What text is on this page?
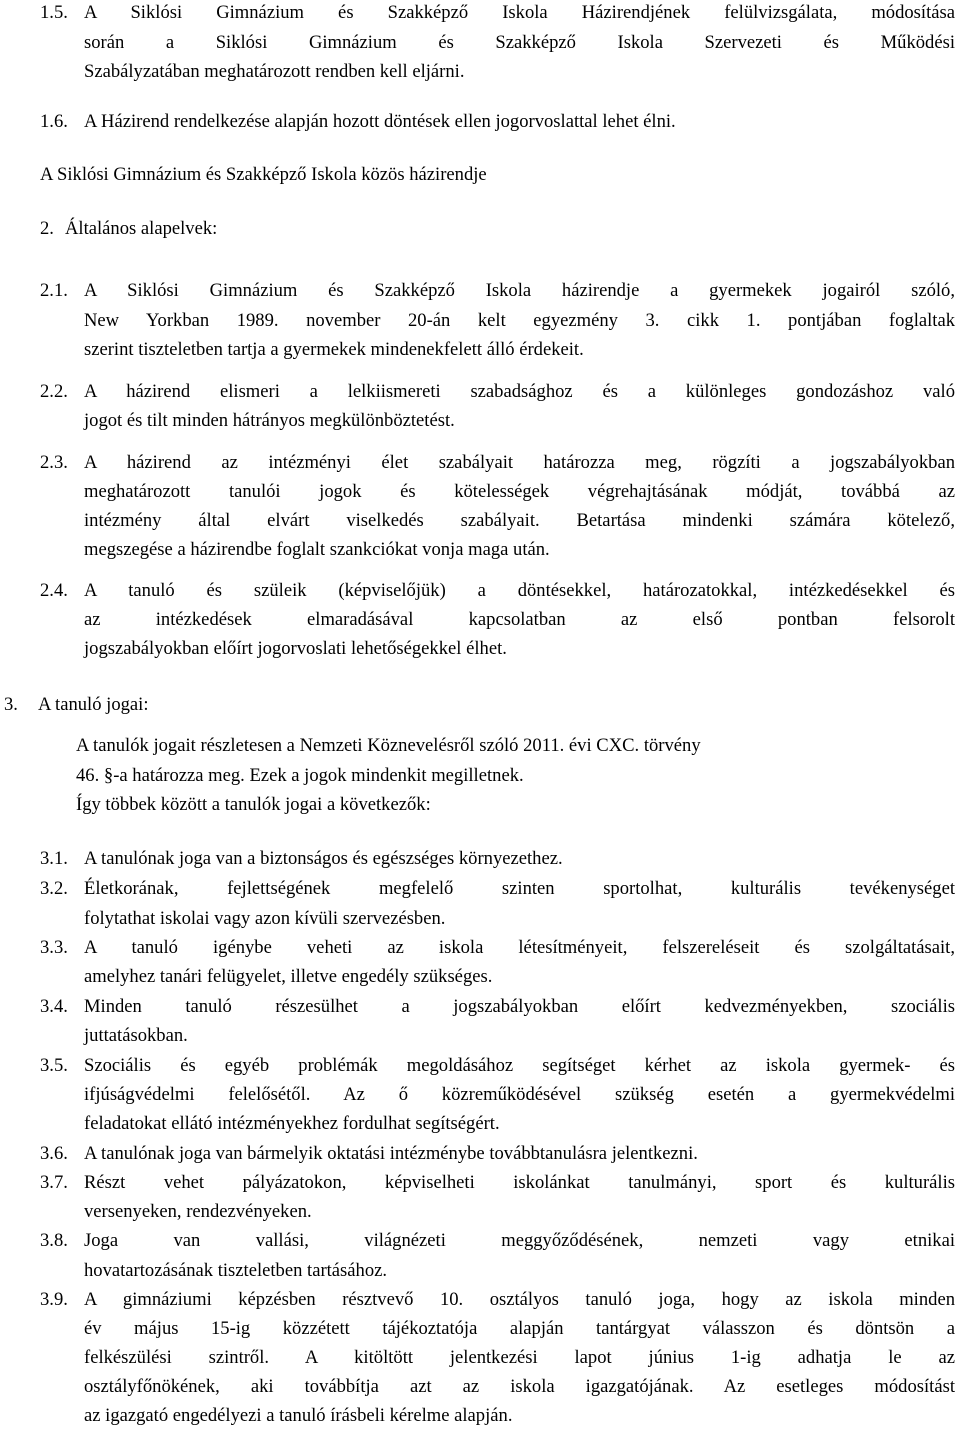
1.5. A Siklósi Gimnázium és Szakképző Iskola Házirendjének felülvizsgálata, módosítása
során a Siklósi Gimnázium és Szakképző Iskola Szervezeti és Működési
Szabályzatában meghatározott rendben kell eljárni.
1.6. A Házirend rendelkezése alapján hozott döntések ellen jogorvoslattal lehet élni.
A Siklósi Gimnázium és Szakképző Iskola közös házirendje
2. Általános alapelvek:
2.1. A Siklósi Gimnázium és Szakképző Iskola házirendje a gyermekek jogairól szóló,
New Yorkban 1989. november 20-án kelt egyezmény 3. cikk 1. pontjában foglaltak
szerint tiszteletben tartja a gyermekek mindenekfelett álló érdekeit.
2.2. A házirend elismeri a lelkiismereti szabadsághoz és a különleges gondozáshoz való
jogot és tilt minden hátrányos megkülönböztetést.
2.3. A házirend az intézményi élet szabályait határozza meg, rögzíti a jogszabályokban
meghatározott tanulói jogok és kötelességek végrehajtásának módját, továbbá az
intézmény által elvárt viselkedés szabályait. Betartása mindenki számára kötelező,
megszegése a házirendbe foglalt szankciókat vonja maga után.
2.4. A tanuló és szüleik (képviselőjük) a döntésekkel, határozatokkal, intézkedésekkel és
az intézkedések elmaradásával kapcsolatban az első pontban felsorolt
jogszabályokban előírt jogorvoslati lehetőségekkel élhet.
3. A tanuló jogai:
A tanulók jogait részletesen a Nemzeti Köznevelésről szóló 2011. évi CXC. törvény
46. §-a határozza meg. Ezek a jogok mindenkit megilletnek.
Így többek között a tanulók jogai a következők:
3.1. A tanulónak joga van a biztonságos és egészséges környezethez.
3.2. Életkorának, fejlettségének megfelelő szinten sportolhat, kulturális tevékenységet
folytathat iskolai vagy azon kívüli szervezésben.
3.3. A tanuló igénybe veheti az iskola létesítményeit, felszereléseit és szolgáltatásait,
amelyhez tanári felügyelet, illetve engedély szükséges.
3.4. Minden tanuló részesülhet a jogszabályokban előírt kedvezményekben, szociális
juttatásokban.
3.5. Szociális és egyéb problémák megoldásához segítséget kérhet az iskola gyermek- és
ifjúságvédelmi felelősétől. Az ő közreműködésével szükség esetén a gyermekvédelmi
feladatokat ellátó intézményekhez fordulhat segítségért.
3.6. A tanulónak joga van bármelyik oktatási intézménybe továbbtanulásra jelentkezni.
3.7. Részt vehet pályázatokon, képviselheti iskolánkat tanulmányi, sport és kulturális
versenyeken, rendezvényeken.
3.8. Joga van vallási, világnézeti meggyőződésének, nemzeti vagy etnikai
hovatartozásának tiszteletben tartásához.
3.9. A gimnáziumi képzésben résztvevő 10. osztályos tanuló joga, hogy az iskola minden
év május 15-ig közzétett tájékoztatója alapján tantárgyat válasszon és döntsön a
felkészülési szintről. A kitöltött jelentkezési lapot június 1-ig adhatja le az
osztályfőnökének, aki továbbítja azt az iskola igazgatójának. Az esetleges módosítást
az igazgató engedélyezi a tanuló írásbeli kérelme alapján.
